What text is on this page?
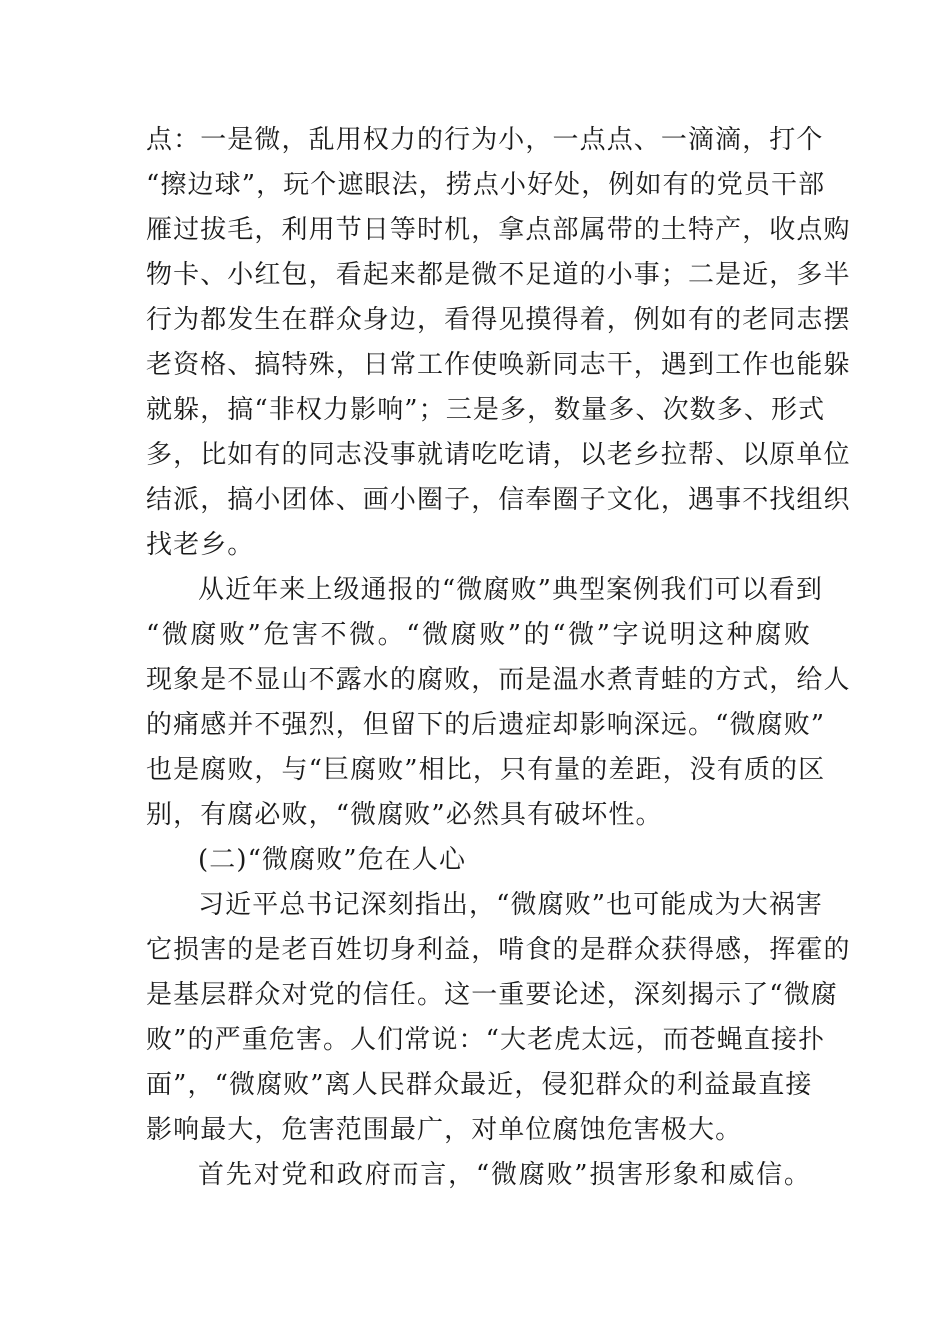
点：一是微，乱用权力的行为小，一点点、一滴滴，打个
“擦边球”，玩个遮眼法，捞点小好处，例如有的党员干部
雁过拔毛，利用节日等时机，拿点部属带的土特产，收点购
物卡、小红包，看起来都是微不足道的小事；二是近，多半
行为都发生在群众身边，看得见摸得着，例如有的老同志摆
老资格、搞特殊，日常工作使唤新同志干，遇到工作也能躲
就躲，搞“非权力影响”；三是多，数量多、次数多、形式
多，比如有的同志没事就请吃吃请，以老乡拉帮、以原单位
结派，搞小团体、画小圈子，信奉圈子文化，遇事不找组织
找老乡。
从近年来上级通报的“微腐败”典型案例我们可以看到
“微腐败”危害不微。“微腐败”的“微”字说明这种腐败
现象是不显山不露水的腐败，而是温水煮青蛙的方式，给人
的痛感并不强烈，但留下的后遗症却影响深远。“微腐败”
也是腐败，与“巨腐败”相比，只有量的差距，没有质的区
别，有腐必败，“微腐败”必然具有破坏性。
(二)“微腐败”危在人心
习近平总书记深刻指出，“微腐败”也可能成为大祸害
它损害的是老百姓切身利益，啃食的是群众获得感，挥霍的
是基层群众对党的信任。这一重要论述，深刻揭示了“微腐
败”的严重危害。人们常说：“大老虎太远，而苍蝇直接扑
面”，“微腐败”离人民群众最近，侵犯群众的利益最直接
影响最大，危害范围最广，对单位腐蚀危害极大。
首先对党和政府而言，“微腐败”损害形象和威信。
